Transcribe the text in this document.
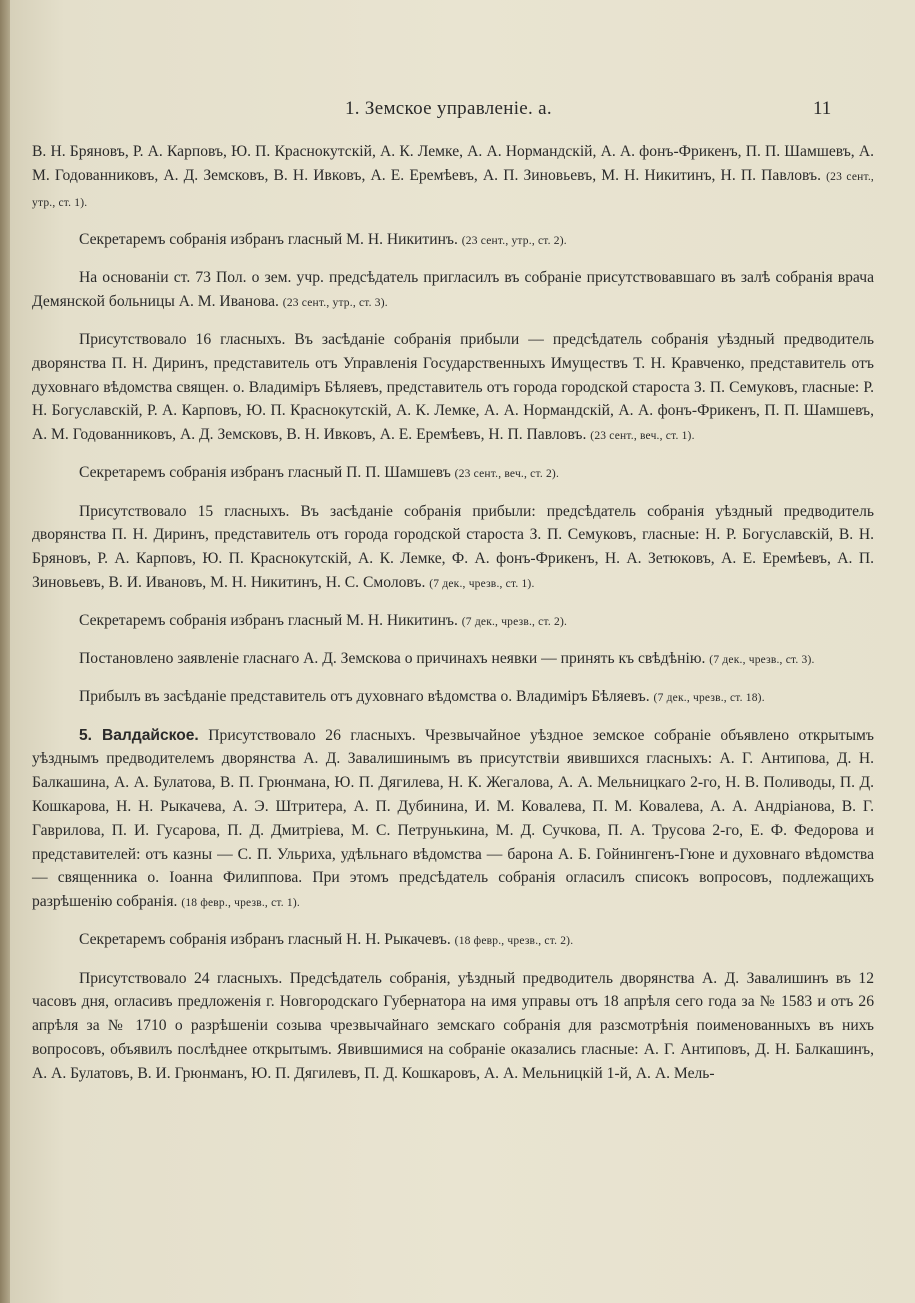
1. Земское управленіе. а.	11

В. Н. Бряновъ, Р. А. Карповъ, Ю. П. Краснокутскій, А. К. Лемке, А. А. Нормандскій, А. А. фонъ-Фрикенъ, П. П. Шамшевъ, А. М. Годованниковъ, А. Д. Земсковъ, В. Н. Ивковъ, А. Е. Еремѣевъ, А. П. Зиновьевъ, М. Н. Никитинъ, Н. П. Павловъ. (23 сент., утр., ст. 1).

Секретаремъ собранія избранъ гласный М. Н. Никитинъ. (23 сент., утр., ст. 2).

На основаніи ст. 73 Пол. о зем. учр. предсѣдатель пригласилъ въ собраніе присутствовавшаго въ залѣ собранія врача Демянской больницы А. М. Иванова. (23 сент., утр., ст. 3).

Присутствовало 16 гласныхъ. Въ засѣданіе собранія прибыли — предсѣдатель собранія уѣздный предводитель дворянства П. Н. Диринъ, представитель отъ Управленія Государственныхъ Имуществъ Т. Н. Кравченко, представитель отъ духовнаго вѣдомства священ. о. Владиміръ Бѣляевъ, представитель отъ города городской староста З. П. Семуковъ, гласные: Р. Н. Богуславскій, Р. А. Карповъ, Ю. П. Краснокутскій, А. К. Лемке, А. А. Нормандскій, А. А. фонъ-Фрикенъ, П. П. Шамшевъ, А. М. Годованниковъ, А. Д. Земсковъ, В. Н. Ивковъ, А. Е. Еремѣевъ, Н. П. Павловъ. (23 сент., веч., ст. 1).

Секретаремъ собранія избранъ гласный П. П. Шамшевъ (23 сент., веч., ст. 2).

Присутствовало 15 гласныхъ. Въ засѣданіе собранія прибыли: предсѣдатель собранія уѣздный предводитель дворянства П. Н. Диринъ, представитель отъ города городской староста З. П. Семуковъ, гласные: Н. Р. Богуславскій, В. Н. Бряновъ, Р. А. Карповъ, Ю. П. Краснокутскій, А. К. Лемке, Ф. А. фонъ-Фрикенъ, Н. А. Зетюковъ, А. Е. Еремѣевъ, А. П. Зиновьевъ, В. И. Ивановъ, М. Н. Никитинъ, Н. С. Смоловъ. (7 дек., чрезв., ст. 1).

Секретаремъ собранія избранъ гласный М. Н. Никитинъ. (7 дек., чрезв., ст. 2).

Постановлено заявленіе гласнаго А. Д. Земскова о причинахъ неявки — принять къ свѣдѣнію. (7 дек., чрезв., ст. 3).

Прибылъ въ засѣданіе представитель отъ духовнаго вѣдомства о. Владиміръ Бѣляевъ. (7 дек., чрезв., ст. 18).

5. Валдайское. Присутствовало 26 гласныхъ. Чрезвычайное уѣздное земское собраніе объявлено открытымъ уѣзднымъ предводителемъ дворянства А. Д. Завалишинымъ въ присутствіи явившихся гласныхъ: А. Г. Антипова, Д. Н. Балкашина, А. А. Булатова, В. П. Грюнмана, Ю. П. Дягилева, Н. К. Жегалова, А. А. Мельницкаго 2-го, Н. В. Поливоды, П. Д. Кошкарова, Н. Н. Рыкачева, А. Э. Штритера, А. П. Дубинина, И. М. Ковалева, П. М. Ковалева, А. А. Андріанова, В. Г. Гаврилова, П. И. Гусарова, П. Д. Дмитріева, М. С. Петрунькина, М. Д. Сучкова, П. А. Трусова 2-го, Е. Ф. Федорова и представителей: отъ казны — С. П. Ульриха, удѣльнаго вѣдомства — барона А. Б. Гойнингенъ-Гюне и духовнаго вѣдомства — священника о. Іоанна Филиппова. При этомъ предсѣдатель собранія огласилъ списокъ вопросовъ, подлежащихъ разрѣшенію собранія. (18 февр., чрезв., ст. 1).

Секретаремъ собранія избранъ гласный Н. Н. Рыкачевъ. (18 февр., чрезв., ст. 2).

Присутствовало 24 гласныхъ. Предсѣдатель собранія, уѣздный предводитель дворянства А. Д. Завалишинъ въ 12 часовъ дня, огласивъ предложенія г. Новгородскаго Губернатора на имя управы отъ 18 апрѣля сего года за № 1583 и отъ 26 апрѣля за № 1710 о разрѣшеніи созыва чрезвычайнаго земскаго собранія для разсмотрѣнія поименованныхъ въ нихъ вопросовъ, объявилъ послѣднее открытымъ. Явившимися на собраніе оказались гласные: А. Г. Антиповъ, Д. Н. Балкашинъ, А. А. Булатовъ, В. И. Грюнманъ, Ю. П. Дягилевъ, П. Д. Кошкаровъ, А. А. Мельницкій 1-й, А. А. Мель-
